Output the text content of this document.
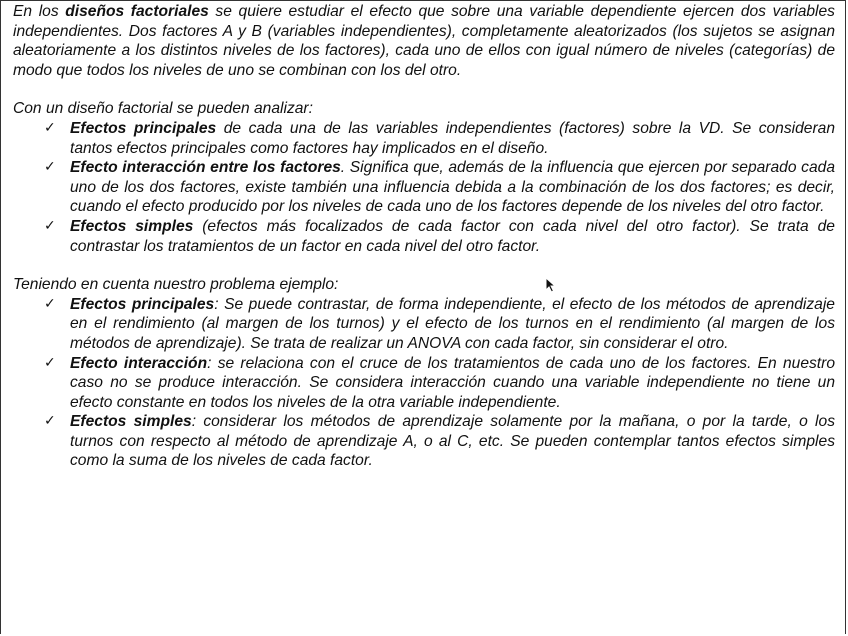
En los diseños factoriales se quiere estudiar el efecto que sobre una variable dependiente ejercen dos variables independientes. Dos factores A y B (variables independientes), completamente aleatorizados (los sujetos se asignan aleatoriamente a los distintos niveles de los factores), cada uno de ellos con igual número de niveles (categorías) de modo que todos los niveles de uno se combinan con los del otro.

Con un diseño factorial se pueden analizar:

✓ Efectos principales de cada una de las variables independientes (factores) sobre la VD. Se consideran tantos efectos principales como factores hay implicados en el diseño.
✓ Efecto interacción entre los factores. Significa que, además de la influencia que ejercen por separado cada uno de los dos factores, existe también una influencia debida a la combinación de los dos factores; es decir, cuando el efecto producido por los niveles de cada uno de los factores depende de los niveles del otro factor.
✓ Efectos simples (efectos más focalizados de cada factor con cada nivel del otro factor). Se trata de contrastar los tratamientos de un factor en cada nivel del otro factor.

Teniendo en cuenta nuestro problema ejemplo:

✓ Efectos principales: Se puede contrastar, de forma independiente, el efecto de los métodos de aprendizaje en el rendimiento (al margen de los turnos) y el efecto de los turnos en el rendimiento (al margen de los métodos de aprendizaje). Se trata de realizar un ANOVA con cada factor, sin considerar el otro.
✓ Efecto interacción: se relaciona con el cruce de los tratamientos de cada uno de los factores. En nuestro caso no se produce interacción. Se considera interacción cuando una variable independiente no tiene un efecto constante en todos los niveles de la otra variable independiente.
✓ Efectos simples: considerar los métodos de aprendizaje solamente por la mañana, o por la tarde, o los turnos con respecto al método de aprendizaje A, o al C, etc. Se pueden contemplar tantos efectos simples como la suma de los niveles de cada factor.
